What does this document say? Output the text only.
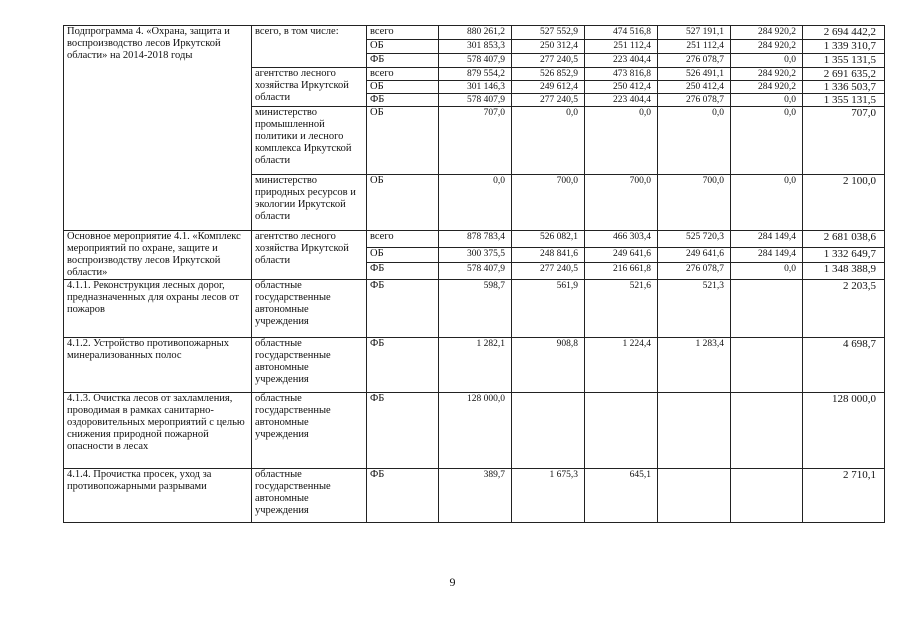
Подпрограмма 4. «Охрана, защита и воспроизводство лесов Иркутской области» на 2014-2018 годы	всего, в том числе:	всего	880 261,2	527 552,9	474 516,8	527 191,1	284 920,2	2 694 442,2
		ОБ	301 853,3	250 312,4	251 112,4	251 112,4	284 920,2	1 339 310,7
		ФБ	578 407,9	277 240,5	223 404,4	276 078,7	0,0	1 355 131,5
	агентство лесного хозяйства Иркутской области	всего	879 554,2	526 852,9	473 816,8	526 491,1	284 920,2	2 691 635,2
		ОБ	301 146,3	249 612,4	250 412,4	250 412,4	284 920,2	1 336 503,7
		ФБ	578 407,9	277 240,5	223 404,4	276 078,7	0,0	1 355 131,5
	министерство промышленной политики и лесного комплекса Иркутской области	ОБ	707,0	0,0	0,0	0,0	0,0	707,0
	министерство природных ресурсов и экологии Иркутской области	ОБ	0,0	700,0	700,0	700,0	0,0	2 100,0
Основное мероприятие 4.1. «Комплекс мероприятий по охране, защите и воспроизводству лесов Иркутской области»	агентство лесного хозяйства Иркутской области	всего	878 783,4	526 082,1	466 303,4	525 720,3	284 149,4	2 681 038,6
		ОБ	300 375,5	248 841,6	249 641,6	249 641,6	284 149,4	1 332 649,7
		ФБ	578 407,9	277 240,5	216 661,8	276 078,7	0,0	1 348 388,9
4.1.1. Реконструкция лесных дорог, предназначенных для охраны лесов от пожаров	областные государственные автономные учреждения	ФБ	598,7	561,9	521,6	521,3		2 203,5
4.1.2. Устройство противопожарных минерализованных полос	областные государственные автономные учреждения	ФБ	1 282,1	908,8	1 224,4	1 283,4		4 698,7
4.1.3. Очистка лесов от захламления, проводимая в рамках санитарно-оздоровительных мероприятий с целью снижения природной пожарной опасности в лесах	областные государственные автономные учреждения	ФБ	128 000,0					128 000,0
4.1.4. Прочистка просек, уход за противопожарными разрывами	областные государственные автономные учреждения	ФБ	389,7	1 675,3	645,1			2 710,1
9
